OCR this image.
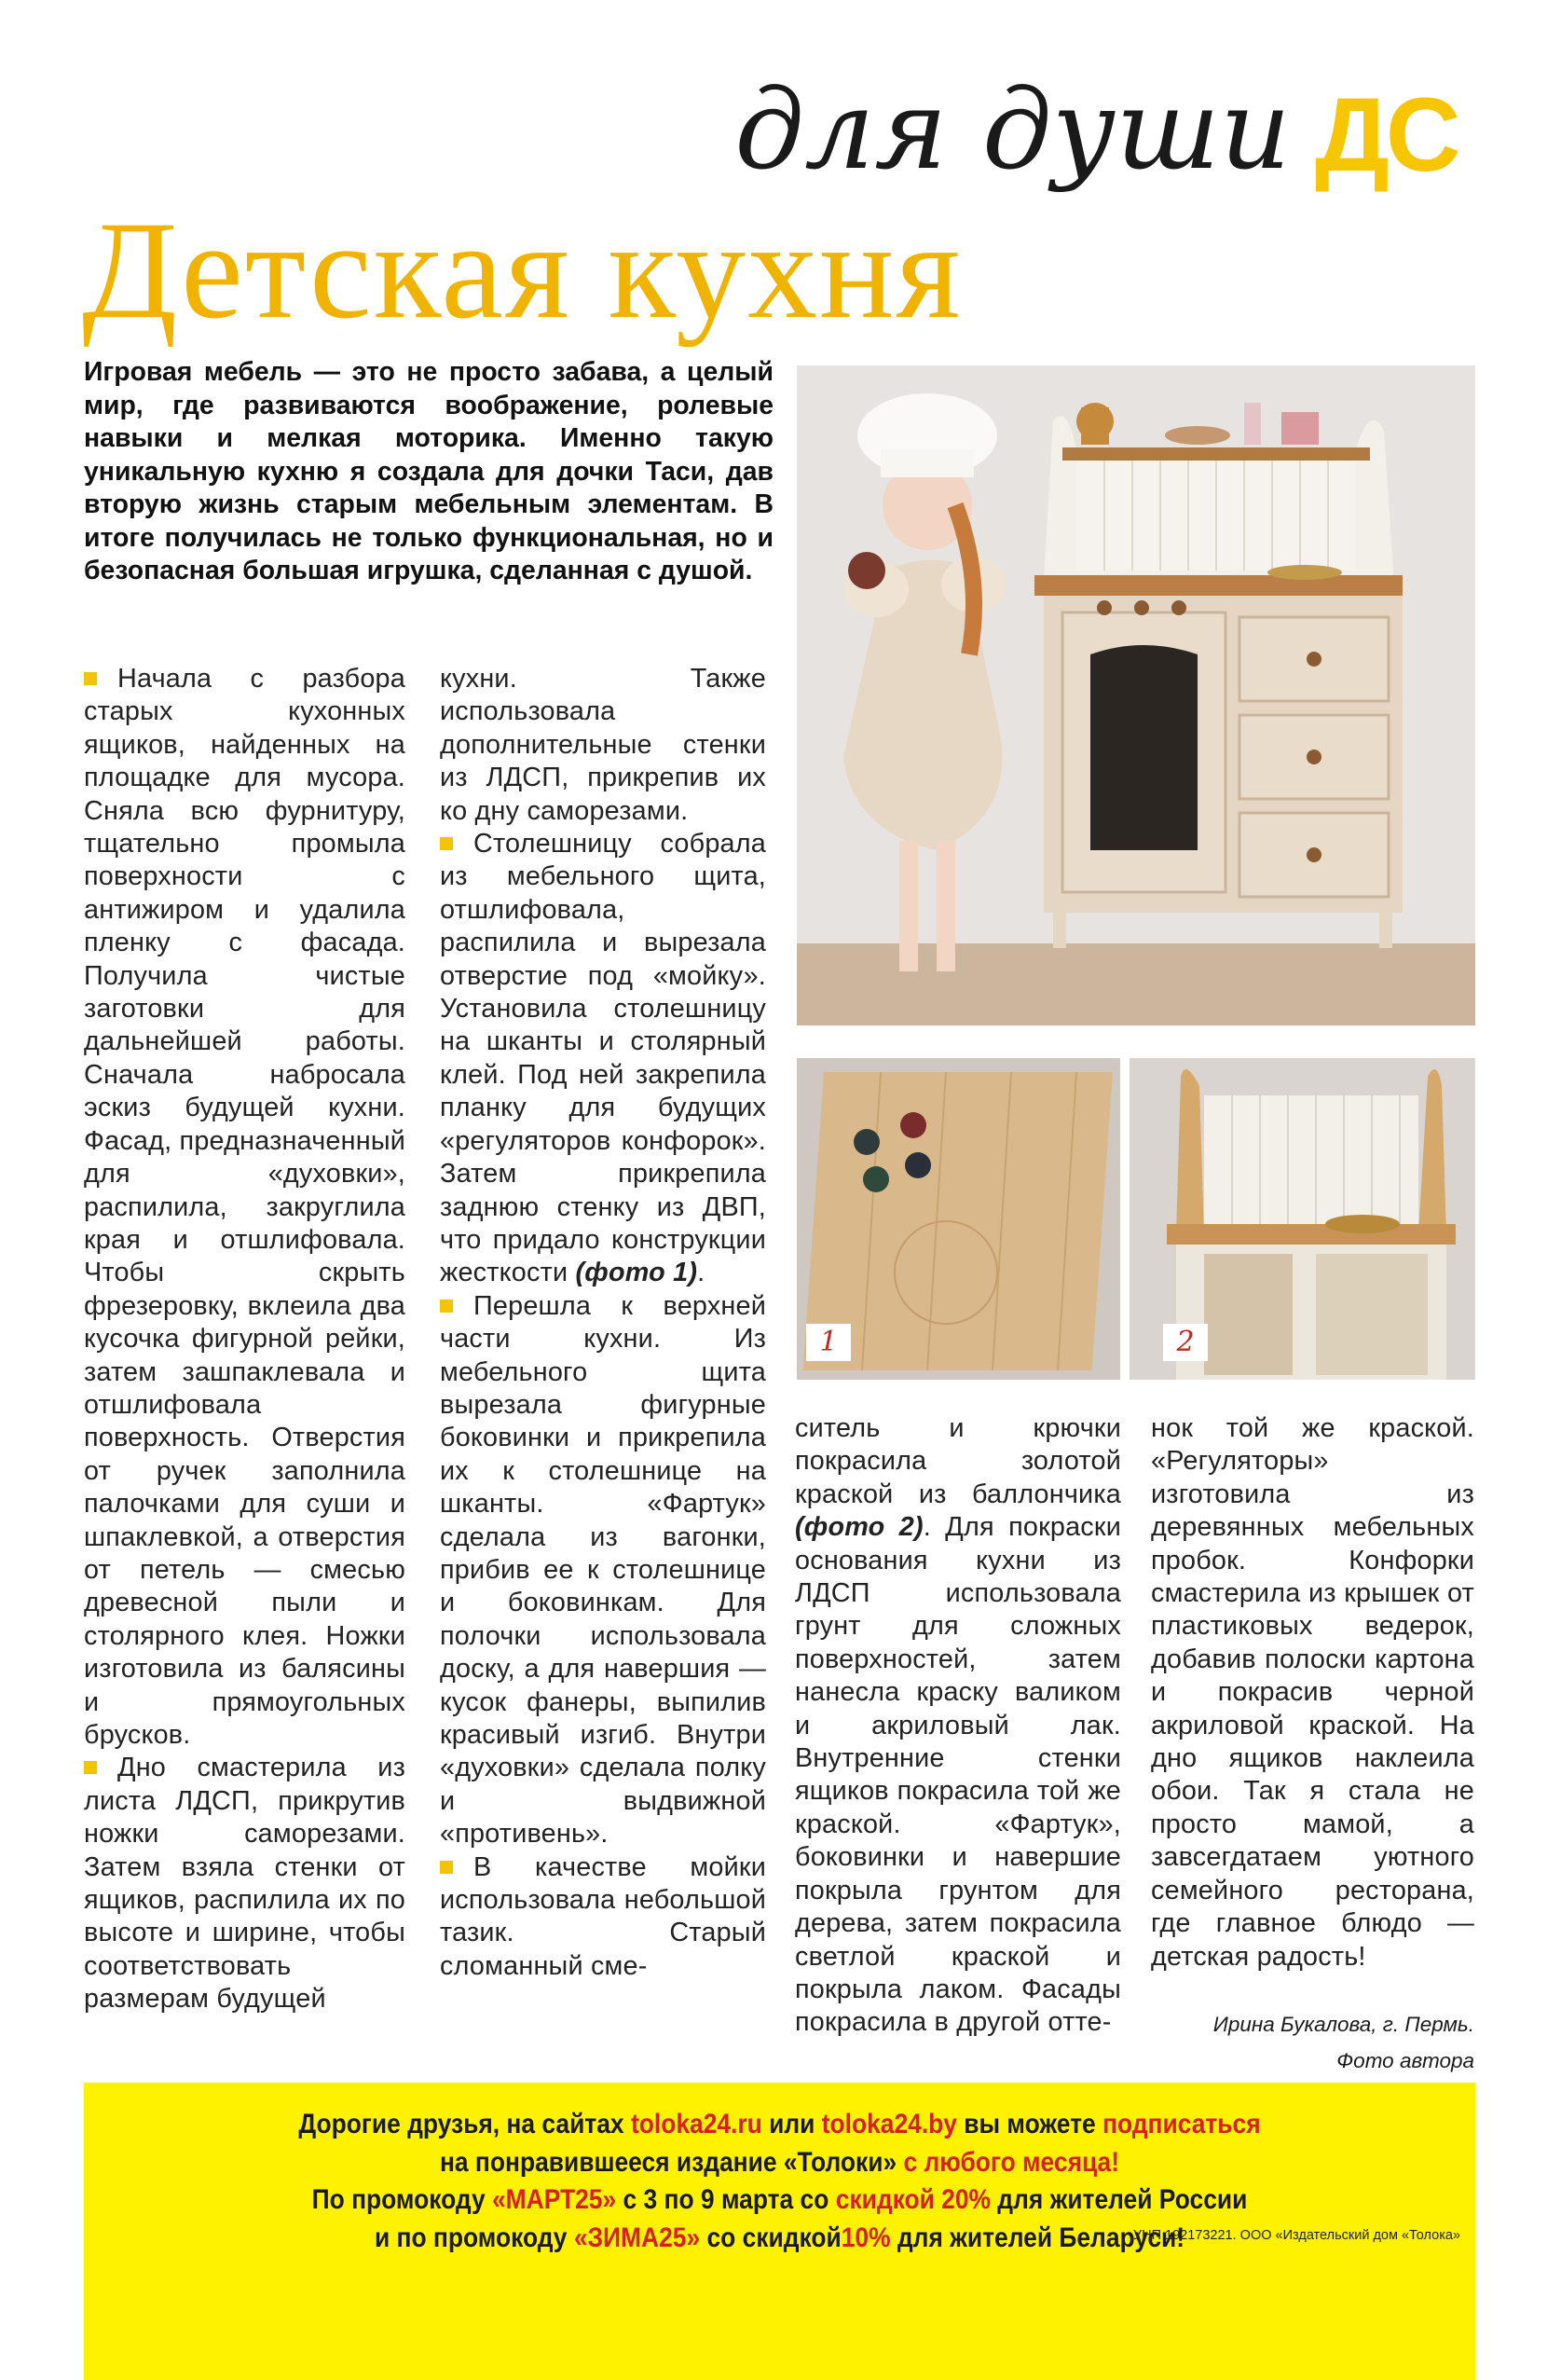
для души ДС
Детская кухня
Игровая мебель — это не просто забава, а целый мир, где развиваются воображение, ролевые навыки и мелкая моторика. Именно такую уникальную кухню я создала для дочки Таси, дав вторую жизнь старым мебельным элементам. В итоге получилась не только функциональная, но и безопасная большая игрушка, сделанная с душой.
1	2

Начала с разбора старых кухонных ящиков, найденных на площадке для мусора. Сняла всю фурнитуру, тщательно промыла поверхности с антижиром и удалила пленку с фасада. Получила чистые заготовки для дальнейшей работы. Сначала набросала эскиз будущей кухни. Фасад, предназначенный для «духовки», распилила, закруглила края и отшлифовала. Чтобы скрыть фрезеровку, вклеила два кусочка фигурной рейки, затем зашпаклевала и отшлифовала поверхность. Отверстия от ручек заполнила палочками для суши и шпаклевкой, а отверстия от петель — смесью древесной пыли и столярного клея. Ножки изготовила из балясины и прямоугольных брусков.

Дно смастерила из листа ЛДСП, прикрутив ножки саморезами. Затем взяла стенки от ящиков, распилила их по высоте и ширине, чтобы соответствовать размерам будущей

кухни. Также использовала дополнительные стенки из ЛДСП, прикрепив их ко дну саморезами.

Столешницу собрала из мебельного щита, отшлифовала, распилила и вырезала отверстие под «мойку». Установила столешницу на шканты и столярный клей. Под ней закрепила планку для будущих «регуляторов конфорок». Затем прикрепила заднюю стенку из ДВП, что придало конструкции жесткости (фото 1).

Перешла к верхней части кухни. Из мебельного щита вырезала фигурные боковинки и прикрепила их к столешнице на шканты. «Фартук» сделала из вагонки, прибив ее к столешнице и боковинкам. Для полочки использовала доску, а для навершия — кусок фанеры, выпилив красивый изгиб. Внутри «духовки» сделала полку и выдвижной «противень».

В качестве мойки использовала небольшой тазик. Старый сломанный сме-

ситель и крючки покрасила золотой краской из баллончика (фото 2). Для покраски основания кухни из ЛДСП использовала грунт для сложных поверхностей, затем нанесла краску валиком и акриловый лак. Внутренние стенки ящиков покрасила той же краской. «Фартук», боковинки и навершие покрыла грунтом для дерева, затем покрасила светлой краской и покрыла лаком. Фасады покрасила в другой отте-

нок той же краской. «Регуляторы» изготовила из деревянных мебельных пробок. Конфорки смастерила из крышек от пластиковых ведерок, добавив полоски картона и покрасив черной акриловой краской. На дно ящиков наклеила обои. Так я стала не просто мамой, а завсегдатаем уютного семейного ресторана, где главное блюдо — детская радость!

Ирина Букалова, г. Пермь.
Фото автора
Дорогие друзья, на сайтах toloka24.ru или toloka24.by вы можете подписаться
на понравившееся издание «Толоки» с любого месяца!
По промокоду «МАРТ25» с 3 по 9 марта со скидкой 20% для жителей России
и по промокоду «ЗИМА25» со скидкой10% для жителей Беларуси!
УНП 192173221. ООО «Издательский дом «Толока»
